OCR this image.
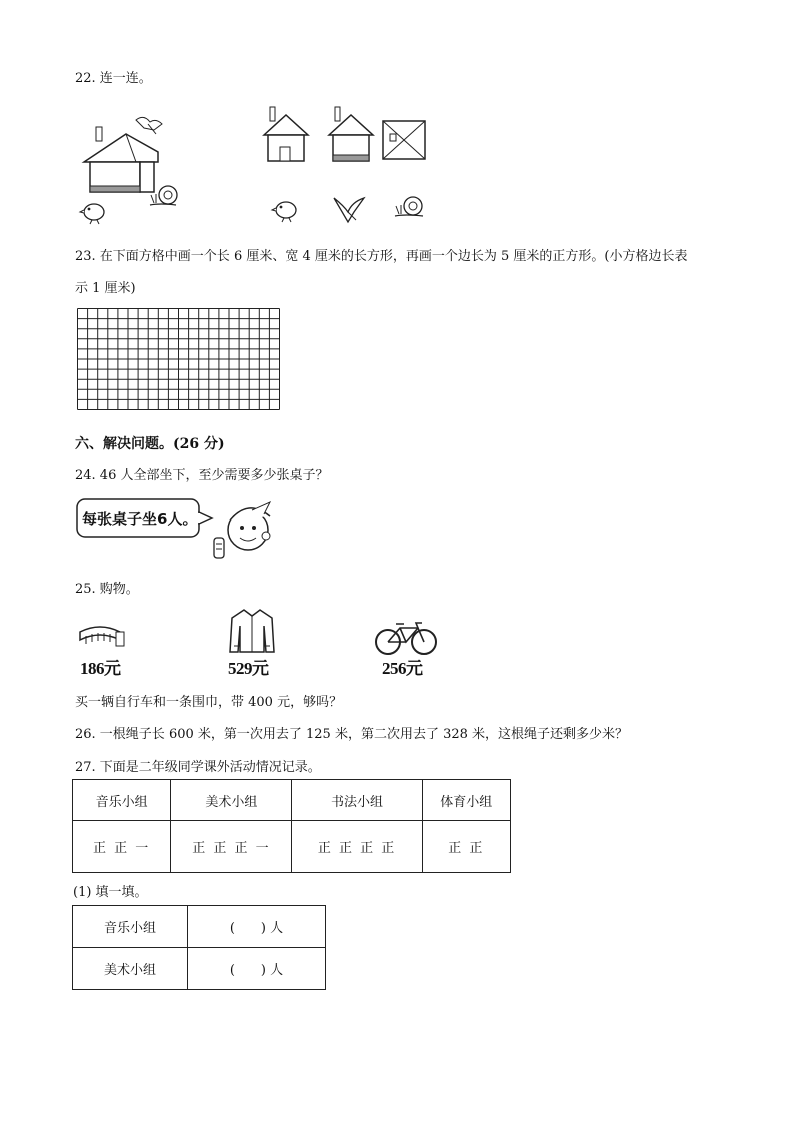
22. 连一连。
23. 在下面方格中画一个长 6 厘米、宽 4 厘米的长方形，再画一个边长为 5 厘米的正方形。(小方格边长表
示 1 厘米)
六、解决问题。(26 分)
24. 46 人全部坐下，至少需要多少张桌子？
每张桌子坐6人。
25. 购物。
186元	529元	256元
买一辆自行车和一条围巾，带 400 元，够吗？
26. 一根绳子长 600 米，第一次用去了 125 米，第二次用去了 328 米，这根绳子还剩多少米？
27. 下面是二年级同学课外活动情况记录。
音乐小组	美术小组	书法小组	体育小组
正 正 一	正 正 正 一	正 正 正 正	正 正
(1) 填一填。
音乐小组	(　　) 人
美术小组	(　　) 人
